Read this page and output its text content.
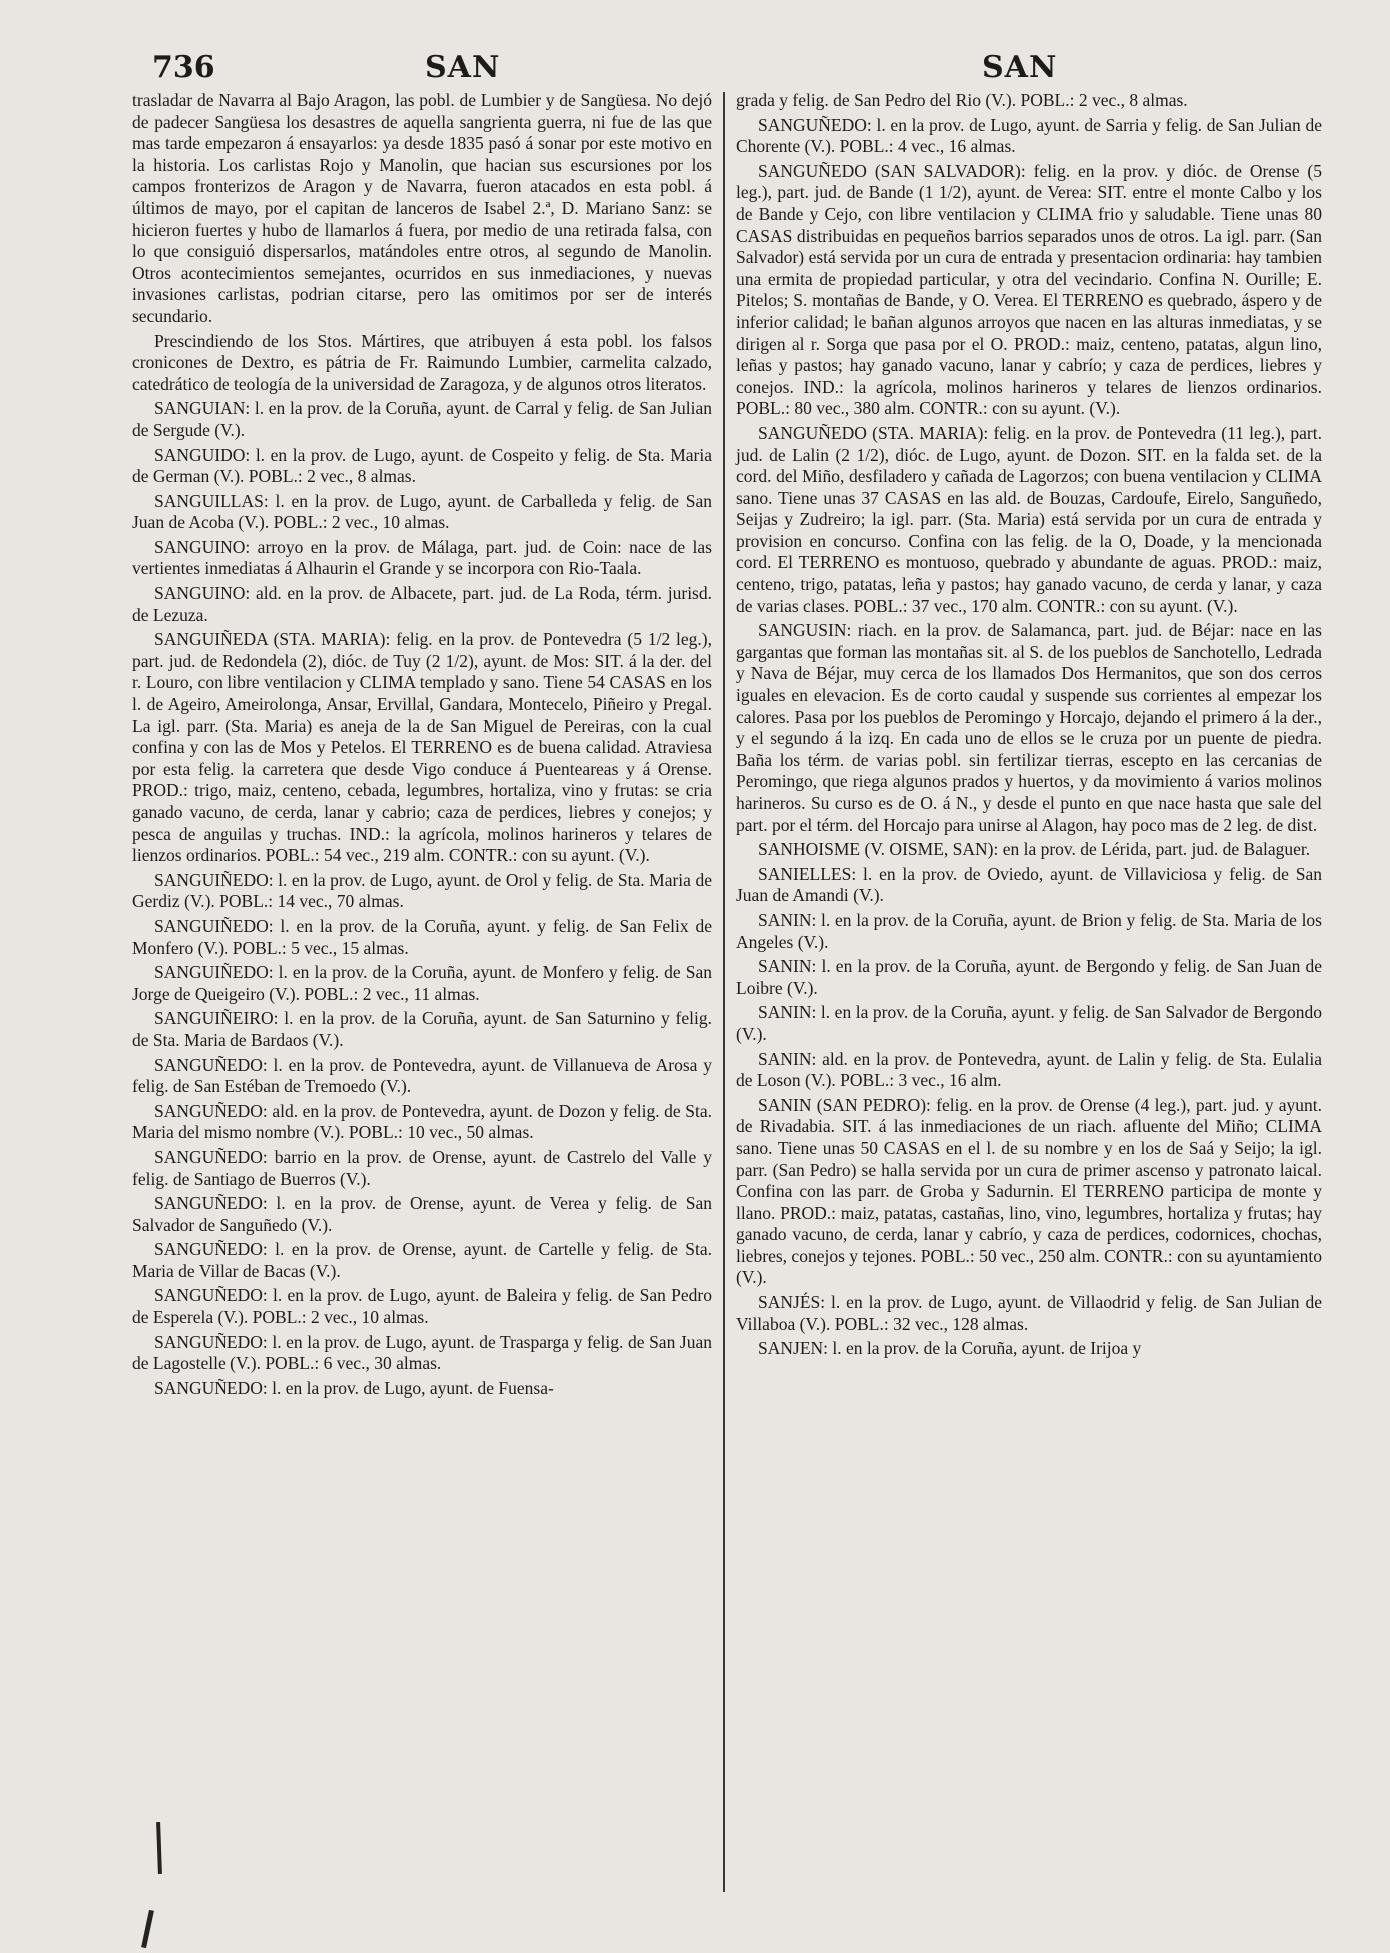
736	SAN	SAN

trasladar de Navarra al Bajo Aragon, las pobl. de Lumbier y de Sangüesa. No dejó de padecer Sangüesa los desastres de aquella sangrienta guerra, ni fue de las que mas tarde empezaron á ensayarlos: ya desde 1835 pasó á sonar por este motivo en la historia. Los carlistas Rojo y Manolin, que hacian sus escursiones por los campos fronterizos de Aragon y de Navarra, fueron atacados en esta pobl. á últimos de mayo, por el capitan de lanceros de Isabel 2.ª, D. Mariano Sanz: se hicieron fuertes y hubo de llamarlos á fuera, por medio de una retirada falsa, con lo que consiguió dispersarlos, matándoles entre otros, al segundo de Manolin. Otros acontecimientos semejantes, ocurridos en sus inmediaciones, y nuevas invasiones carlistas, podrian citarse, pero las omitimos por ser de interés secundario.

Prescindiendo de los Stos. Mártires, que atribuyen á esta pobl. los falsos cronicones de Dextro, es pátria de Fr. Raimundo Lumbier, carmelita calzado, catedrático de teología de la universidad de Zaragoza, y de algunos otros literatos.

SANGUIAN: l. en la prov. de la Coruña, ayunt. de Carral y felig. de San Julian de Sergude (V.).

SANGUIDO: l. en la prov. de Lugo, ayunt. de Cospeito y felig. de Sta. Maria de German (V.). POBL.: 2 vec., 8 almas.

SANGUILLAS: l. en la prov. de Lugo, ayunt. de Carballeda y felig. de San Juan de Acoba (V.). POBL.: 2 vec., 10 almas.

SANGUINO: arroyo en la prov. de Málaga, part. jud. de Coin: nace de las vertientes inmediatas á Alhaurin el Grande y se incorpora con Rio-Taala.

SANGUINO: ald. en la prov. de Albacete, part. jud. de La Roda, térm. jurisd. de Lezuza.

SANGUIÑEDA (STA. MARIA): felig. en la prov. de Pontevedra (5 1/2 leg.), part. jud. de Redondela (2), dióc. de Tuy (2 1/2), ayunt. de Mos: SIT. á la der. del r. Louro, con libre ventilacion y CLIMA templado y sano. Tiene 54 CASAS en los l. de Ageiro, Ameirolonga, Ansar, Ervillal, Gandara, Montecelo, Piñeiro y Pregal. La igl. parr. (Sta. Maria) es aneja de la de San Miguel de Pereiras, con la cual confina y con las de Mos y Petelos. El TERRENO es de buena calidad. Atraviesa por esta felig. la carretera que desde Vigo conduce á Puenteareas y á Orense. PROD.: trigo, maiz, centeno, cebada, legumbres, hortaliza, vino y frutas: se cria ganado vacuno, de cerda, lanar y cabrio; caza de perdices, liebres y conejos; y pesca de anguilas y truchas. IND.: la agrícola, molinos harineros y telares de lienzos ordinarios. POBL.: 54 vec., 219 alm. CONTR.: con su ayunt. (V.).

SANGUIÑEDO: l. en la prov. de Lugo, ayunt. de Orol y felig. de Sta. Maria de Gerdiz (V.). POBL.: 14 vec., 70 almas.

SANGUIÑEDO: l. en la prov. de la Coruña, ayunt. y felig. de San Felix de Monfero (V.). POBL.: 5 vec., 15 almas.

SANGUIÑEDO: l. en la prov. de la Coruña, ayunt. de Monfero y felig. de San Jorge de Queigeiro (V.). POBL.: 2 vec., 11 almas.

SANGUIÑEIRO: l. en la prov. de la Coruña, ayunt. de San Saturnino y felig. de Sta. Maria de Bardaos (V.).

SANGUÑEDO: l. en la prov. de Pontevedra, ayunt. de Villanueva de Arosa y felig. de San Estéban de Tremoedo (V.).

SANGUÑEDO: ald. en la prov. de Pontevedra, ayunt. de Dozon y felig. de Sta. Maria del mismo nombre (V.). POBL.: 10 vec., 50 almas.

SANGUÑEDO: barrio en la prov. de Orense, ayunt. de Castrelo del Valle y felig. de Santiago de Buerros (V.).

SANGUÑEDO: l. en la prov. de Orense, ayunt. de Verea y felig. de San Salvador de Sanguñedo (V.).

SANGUÑEDO: l. en la prov. de Orense, ayunt. de Cartelle y felig. de Sta. Maria de Villar de Bacas (V.).

SANGUÑEDO: l. en la prov. de Lugo, ayunt. de Baleira y felig. de San Pedro de Esperela (V.). POBL.: 2 vec., 10 almas.

SANGUÑEDO: l. en la prov. de Lugo, ayunt. de Trasparga y felig. de San Juan de Lagostelle (V.). POBL.: 6 vec., 30 almas.

SANGUÑEDO: l. en la prov. de Lugo, ayunt. de Fuensa-

grada y felig. de San Pedro del Rio (V.). POBL.: 2 vec., 8 almas.

SANGUÑEDO: l. en la prov. de Lugo, ayunt. de Sarria y felig. de San Julian de Chorente (V.). POBL.: 4 vec., 16 almas.

SANGUÑEDO (SAN SALVADOR): felig. en la prov. y dióc. de Orense (5 leg.), part. jud. de Bande (1 1/2), ayunt. de Verea: SIT. entre el monte Calbo y los de Bande y Cejo, con libre ventilacion y CLIMA frio y saludable. Tiene unas 80 CASAS distribuidas en pequeños barrios separados unos de otros. La igl. parr. (San Salvador) está servida por un cura de entrada y presentacion ordinaria: hay tambien una ermita de propiedad particular, y otra del vecindario. Confina N. Ourille; E. Pitelos; S. montañas de Bande, y O. Verea. El TERRENO es quebrado, áspero y de inferior calidad; le bañan algunos arroyos que nacen en las alturas inmediatas, y se dirigen al r. Sorga que pasa por el O. PROD.: maiz, centeno, patatas, algun lino, leñas y pastos; hay ganado vacuno, lanar y cabrío; y caza de perdices, liebres y conejos. IND.: la agrícola, molinos harineros y telares de lienzos ordinarios. POBL.: 80 vec., 380 alm. CONTR.: con su ayunt. (V.).

SANGUÑEDO (STA. MARIA): felig. en la prov. de Pontevedra (11 leg.), part. jud. de Lalin (2 1/2), dióc. de Lugo, ayunt. de Dozon. SIT. en la falda set. de la cord. del Miño, desfiladero y cañada de Lagorzos; con buena ventilacion y CLIMA sano. Tiene unas 37 CASAS en las ald. de Bouzas, Cardoufe, Eirelo, Sanguñedo, Seijas y Zudreiro; la igl. parr. (Sta. Maria) está servida por un cura de entrada y provision en concurso. Confina con las felig. de la O, Doade, y la mencionada cord. El TERRENO es montuoso, quebrado y abundante de aguas. PROD.: maiz, centeno, trigo, patatas, leña y pastos; hay ganado vacuno, de cerda y lanar, y caza de varias clases. POBL.: 37 vec., 170 alm. CONTR.: con su ayunt. (V.).

SANGUSIN: riach. en la prov. de Salamanca, part. jud. de Béjar: nace en las gargantas que forman las montañas sit. al S. de los pueblos de Sanchotello, Ledrada y Nava de Béjar, muy cerca de los llamados Dos Hermanitos, que son dos cerros iguales en elevacion. Es de corto caudal y suspende sus corrientes al empezar los calores. Pasa por los pueblos de Peromingo y Horcajo, dejando el primero á la der., y el segundo á la izq. En cada uno de ellos se le cruza por un puente de piedra. Baña los térm. de varias pobl. sin fertilizar tierras, escepto en las cercanias de Peromingo, que riega algunos prados y huertos, y da movimiento á varios molinos harineros. Su curso es de O. á N., y desde el punto en que nace hasta que sale del part. por el térm. del Horcajo para unirse al Alagon, hay poco mas de 2 leg. de dist.

SANHOISME (V. OISME, SAN): en la prov. de Lérida, part. jud. de Balaguer.

SANIELLES: l. en la prov. de Oviedo, ayunt. de Villaviciosa y felig. de San Juan de Amandi (V.).

SANIN: l. en la prov. de la Coruña, ayunt. de Brion y felig. de Sta. Maria de los Angeles (V.).

SANIN: l. en la prov. de la Coruña, ayunt. de Bergondo y felig. de San Juan de Loibre (V.).

SANIN: l. en la prov. de la Coruña, ayunt. y felig. de San Salvador de Bergondo (V.).

SANIN: ald. en la prov. de Pontevedra, ayunt. de Lalin y felig. de Sta. Eulalia de Loson (V.). POBL.: 3 vec., 16 alm.

SANIN (SAN PEDRO): felig. en la prov. de Orense (4 leg.), part. jud. y ayunt. de Rivadabia. SIT. á las inmediaciones de un riach. afluente del Miño; CLIMA sano. Tiene unas 50 CASAS en el l. de su nombre y en los de Saá y Seijo; la igl. parr. (San Pedro) se halla servida por un cura de primer ascenso y patronato laical. Confina con las parr. de Groba y Sadurnin. El TERRENO participa de monte y llano. PROD.: maiz, patatas, castañas, lino, vino, legumbres, hortaliza y frutas; hay ganado vacuno, de cerda, lanar y cabrío, y caza de perdices, codornices, chochas, liebres, conejos y tejones. POBL.: 50 vec., 250 alm. CONTR.: con su ayuntamiento (V.).

SANJÉS: l. en la prov. de Lugo, ayunt. de Villaodrid y felig. de San Julian de Villaboa (V.). POBL.: 32 vec., 128 almas.

SANJEN: l. en la prov. de la Coruña, ayunt. de Irijoa y
